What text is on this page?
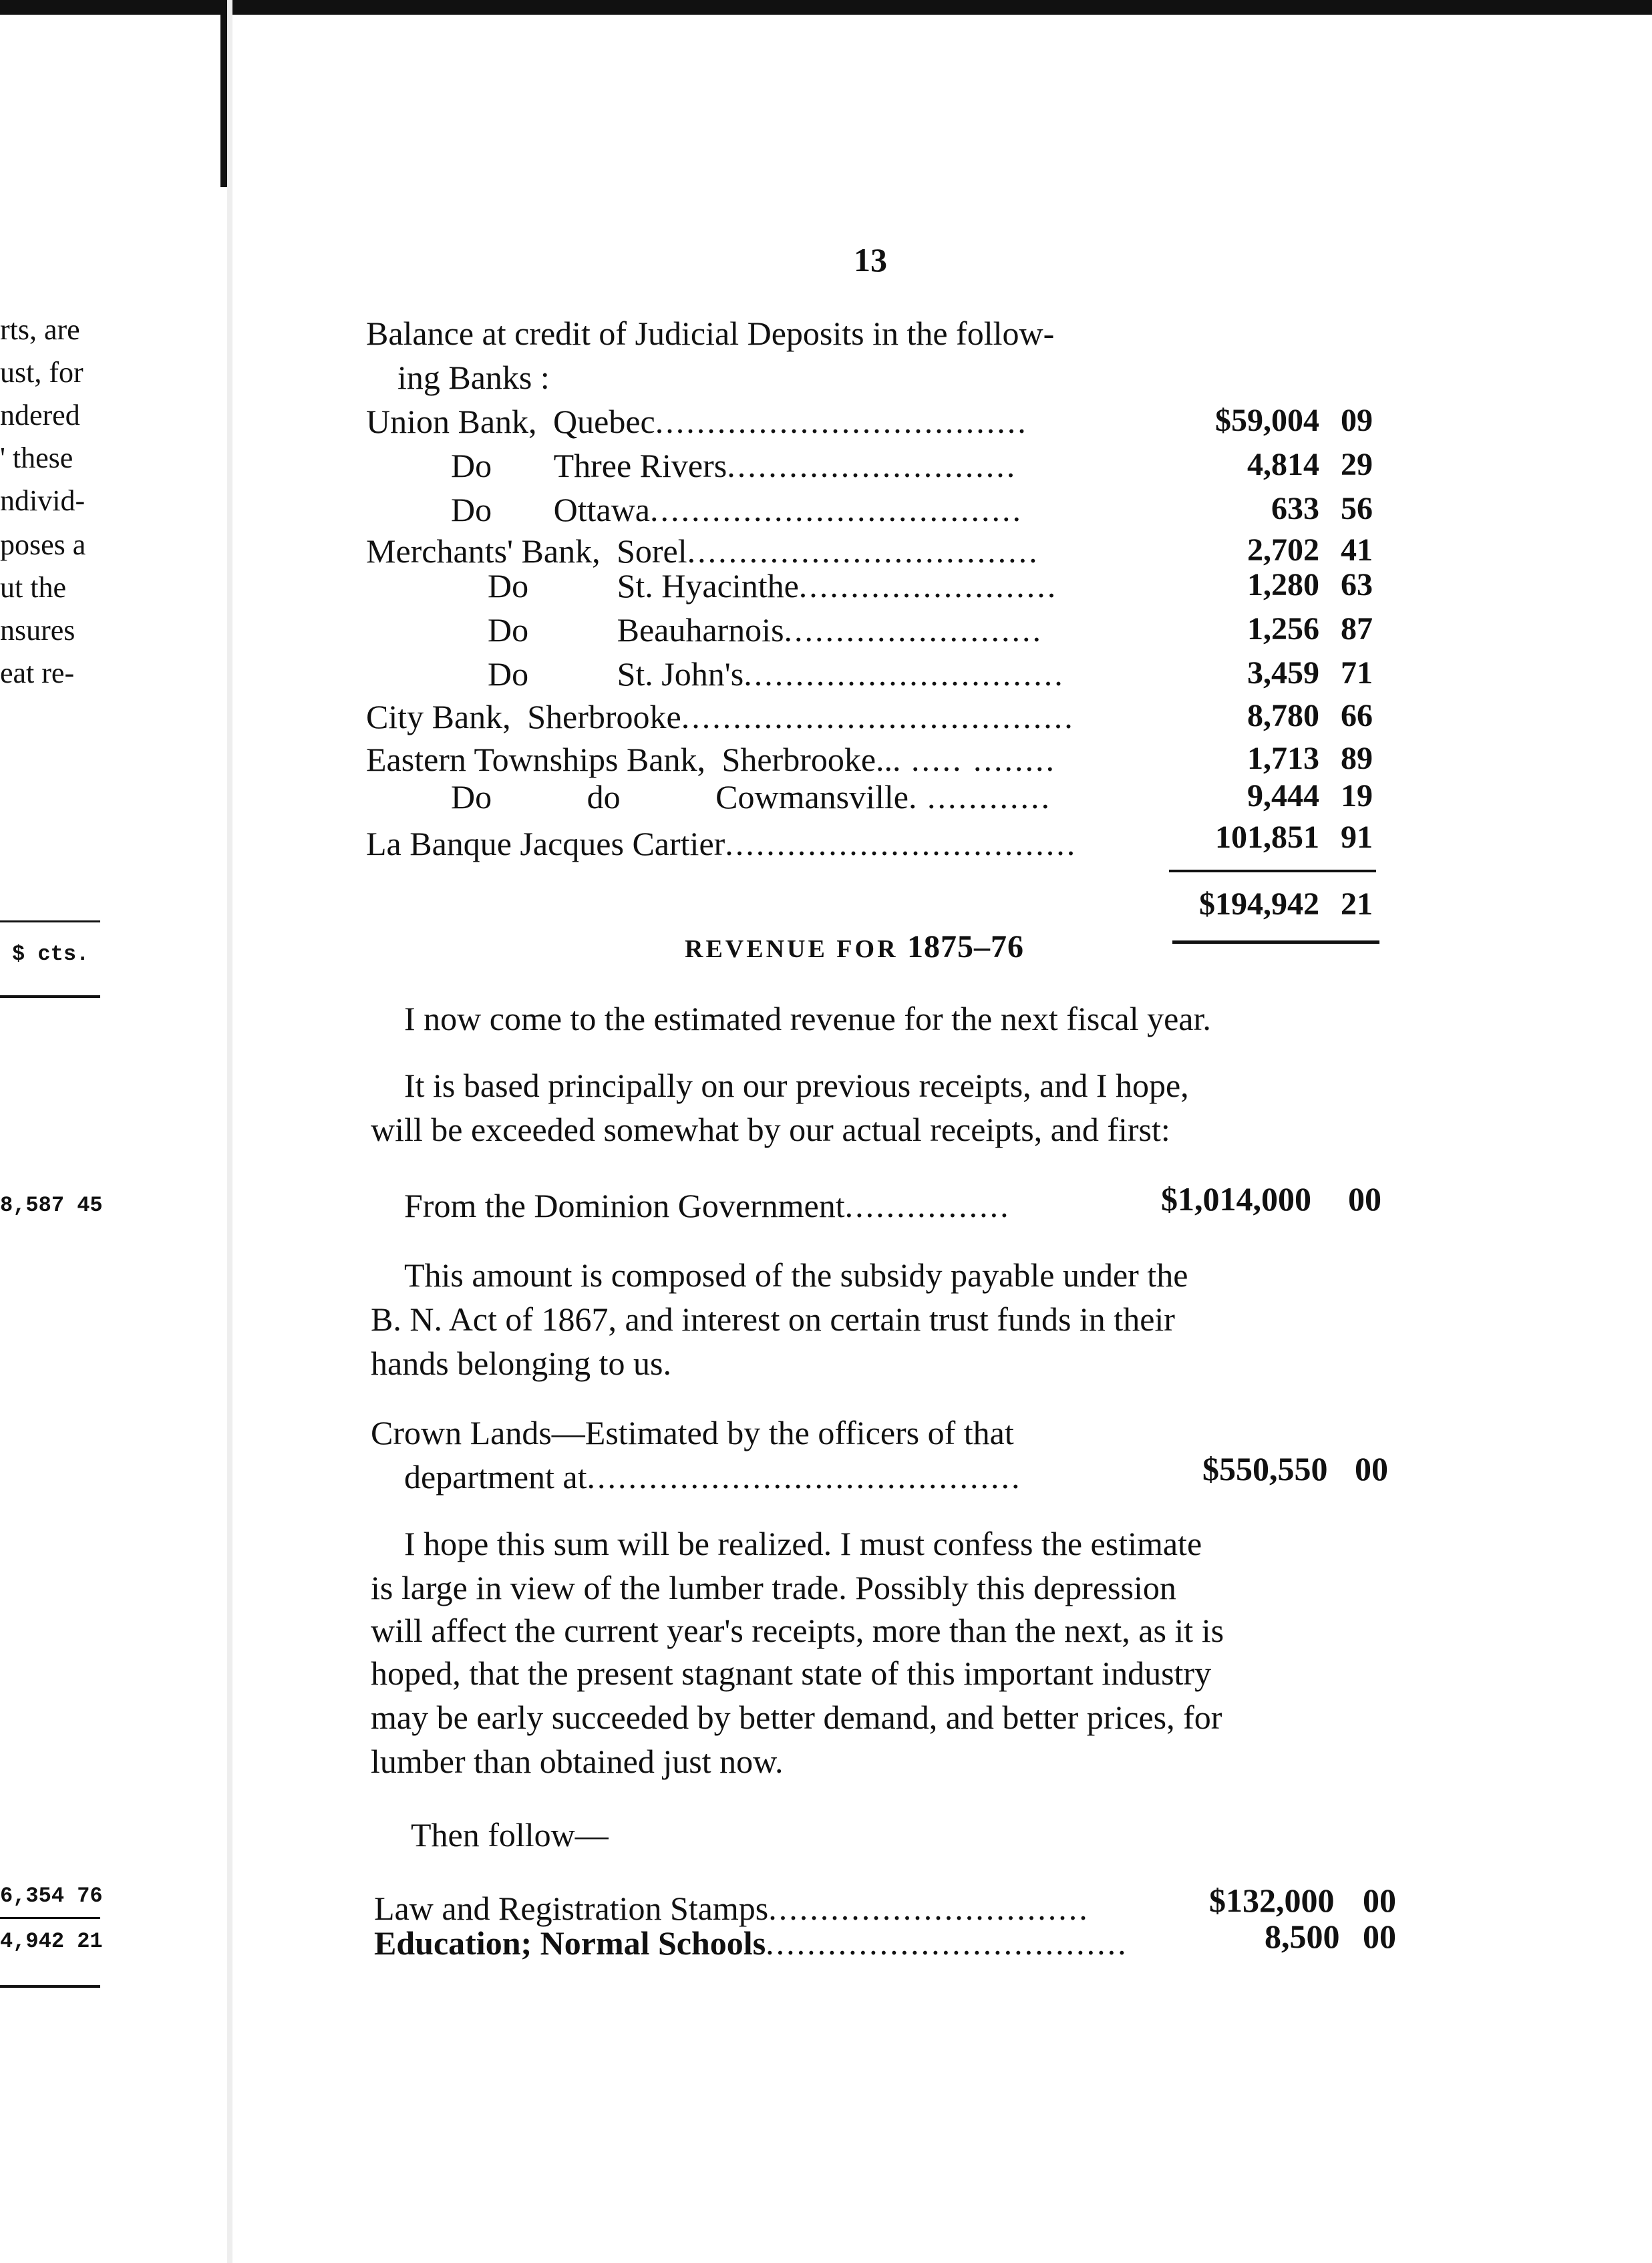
rts, are
ust, for
ndered
' these
ndivid-
poses a
ut the
nsures
eat re-
$ cts.
8,587 45
6,354 76
4,942 21
13
Balance at credit of Judicial Deposits in the follow-
ing Banks :
Union Bank, Quebec....................................	$59,004 09
Do Three Rivers............................	4,814 29
Do Ottawa....................................	633 56
Merchants' Bank, Sorel..................................	2,702 41
Do	St. Hyacinthe.........................	1,280 63
Do	Beauharnois.........................	1,256 87
Do	St. John's...............................	3,459 71
City Bank, Sherbrooke......................................	8,780 66
Eastern Townships Bank, Sherbrooke... ..... ........	1,713 89
Do	do	Cowmansville. ............	9,444 19
La Banque Jacques Cartier..................................	101,851 91
$194,942 21
REVENUE FOR 1875–76
I now come to the estimated revenue for the next fiscal year.
It is based principally on our previous receipts, and I hope,
will be exceeded somewhat by our actual receipts, and first:
From the Dominion Government................	$1,014,000 00
This amount is composed of the subsidy payable under the
B. N. Act of 1867, and interest on certain trust funds in their
hands belonging to us.
Crown Lands—Estimated by the officers of that
department at..........................................	$550,550 00
I hope this sum will be realized. I must confess the estimate
is large in view of the lumber trade. Possibly this depression
will affect the current year's receipts, more than the next, as it is
hoped, that the present stagnant state of this important industry
may be early succeeded by better demand, and better prices, for
lumber than obtained just now.
Then follow—
Law and Registration Stamps...............................	$132,000 00
Education; Normal Schools...................................	8,500 00
